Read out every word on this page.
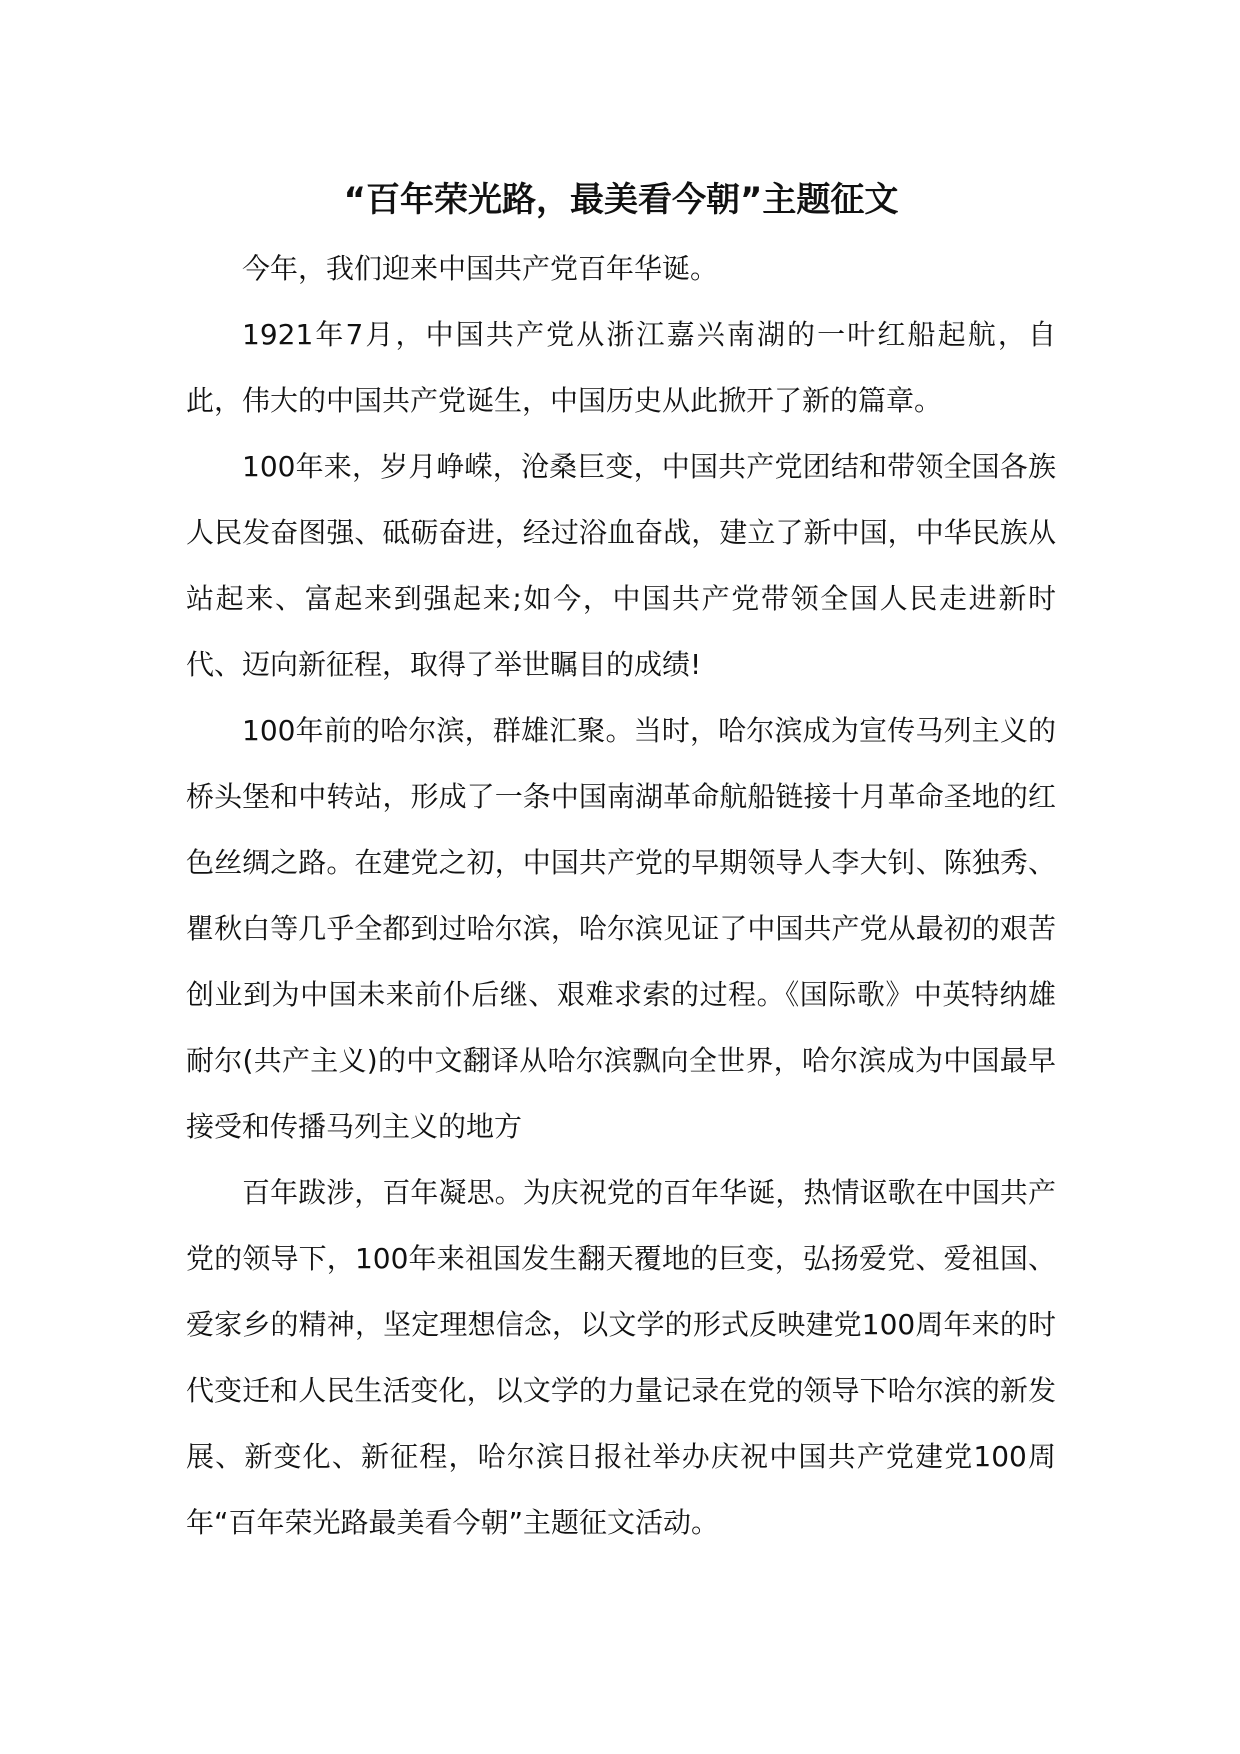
“百年荣光路，最美看今朝”主题征文

今年，我们迎来中国共产党百年华诞。

1921年7月，中国共产党从浙江嘉兴南湖的一叶红船起航，自此，伟大的中国共产党诞生，中国历史从此掀开了新的篇章。

100年来，岁月峥嵘，沧桑巨变，中国共产党团结和带领全国各族人民发奋图强、砥砺奋进，经过浴血奋战，建立了新中国，中华民族从站起来、富起来到强起来;如今，中国共产党带领全国人民走进新时代、迈向新征程，取得了举世瞩目的成绩!

100年前的哈尔滨，群雄汇聚。当时，哈尔滨成为宣传马列主义的桥头堡和中转站，形成了一条中国南湖革命航船链接十月革命圣地的红色丝绸之路。在建党之初，中国共产党的早期领导人李大钊、陈独秀、瞿秋白等几乎全都到过哈尔滨，哈尔滨见证了中国共产党从最初的艰苦创业到为中国未来前仆后继、艰难求索的过程。《国际歌》中英特纳雄耐尔(共产主义)的中文翻译从哈尔滨飘向全世界，哈尔滨成为中国最早接受和传播马列主义的地方

百年跋涉，百年凝思。为庆祝党的百年华诞，热情讴歌在中国共产党的领导下，100年来祖国发生翻天覆地的巨变，弘扬爱党、爱祖国、爱家乡的精神，坚定理想信念，以文学的形式反映建党100周年来的时代变迁和人民生活变化，以文学的力量记录在党的领导下哈尔滨的新发展、新变化、新征程，哈尔滨日报社举办庆祝中国共产党建党100周年“百年荣光路最美看今朝”主题征文活动。
